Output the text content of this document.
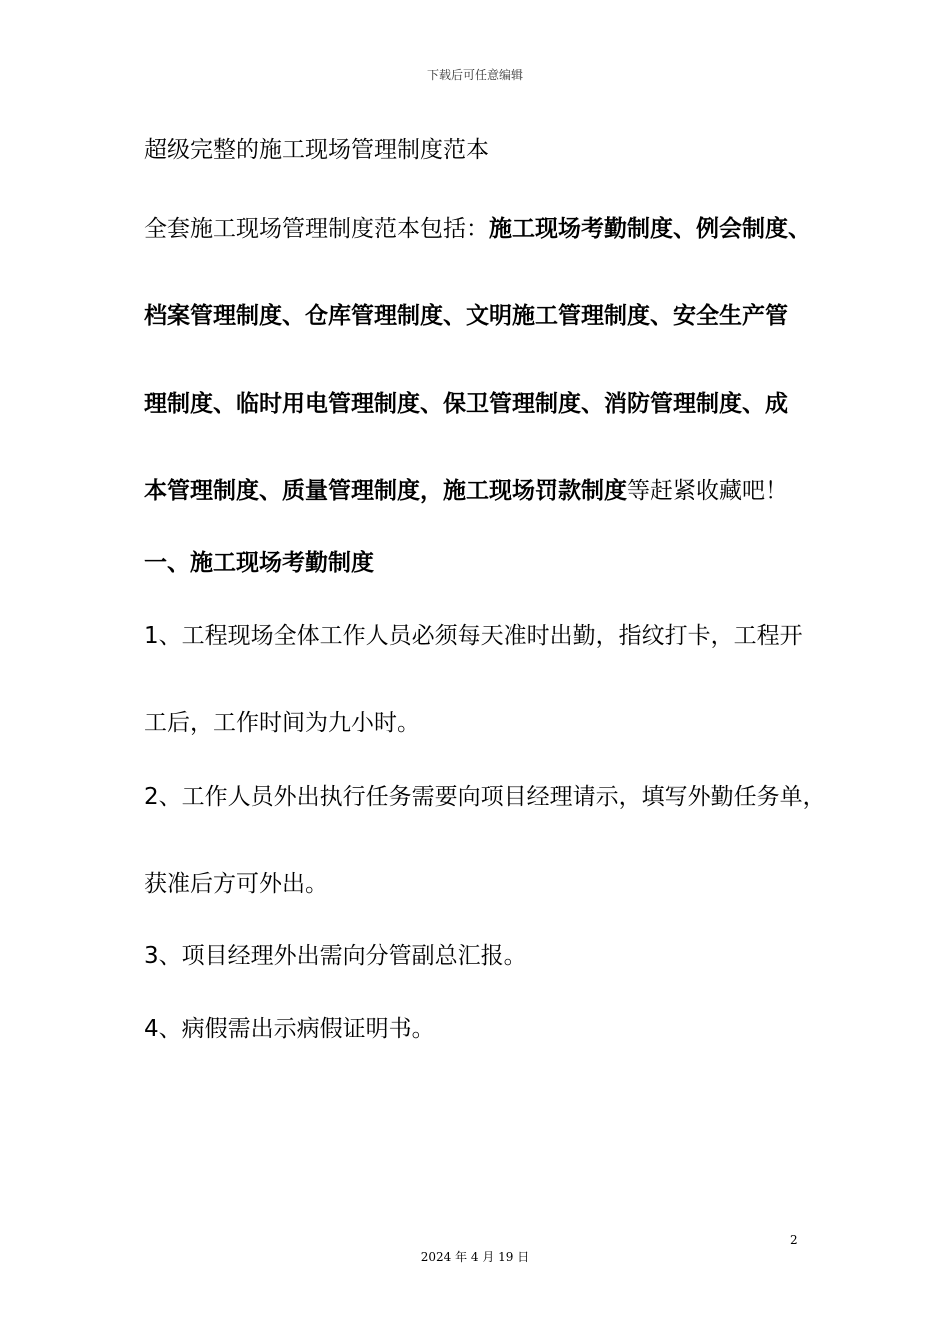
下载后可任意编辑
超级完整的施工现场管理制度范本
全套施工现场管理制度范本包括：施工现场考勤制度、例会制度、
档案管理制度、仓库管理制度、文明施工管理制度、安全生产管
理制度、临时用电管理制度、保卫管理制度、消防管理制度、成
本管理制度、质量管理制度，施工现场罚款制度等赶紧收藏吧！
一、施工现场考勤制度
1、工程现场全体工作人员必须每天准时出勤，指纹打卡，工程开
工后，工作时间为九小时。
2、工作人员外出执行任务需要向项目经理请示，填写外勤任务单，
获准后方可外出。
3、项目经理外出需向分管副总汇报。
4、病假需出示病假证明书。
2
2024 年 4 月 19 日
